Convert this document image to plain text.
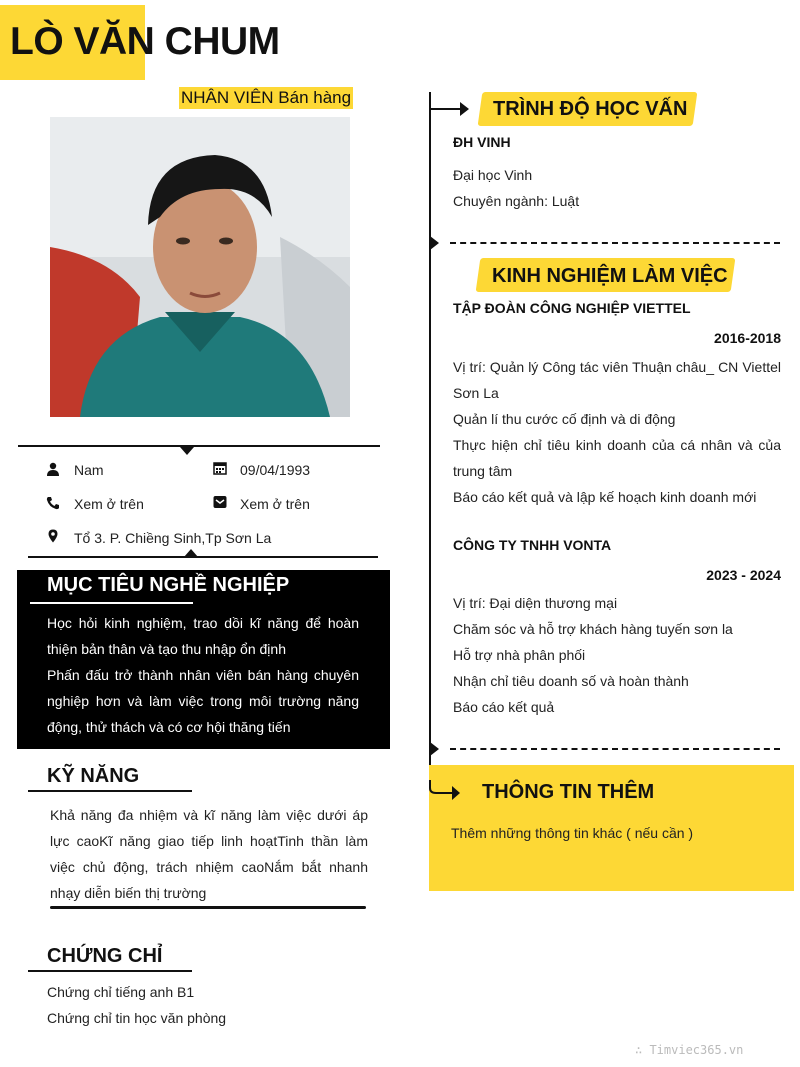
LÒ VĂN CHUM
NHÂN VIÊN Bán hàng
Nam	09/04/1993
Xem ở trên	Xem ở trên
Tổ 3. P. Chiềng Sinh,Tp Sơn La
MỤC TIÊU NGHỀ NGHIỆP
Học hỏi kinh nghiệm, trao dồi kĩ năng để hoàn thiện bản thân và tạo thu nhập ổn định
Phấn đấu trở thành nhân viên bán hàng chuyên nghiệp hơn và làm việc trong môi trường năng động, thử thách và có cơ hội thăng tiến
KỸ NĂNG
Khả năng đa nhiệm và kĩ năng làm việc dưới áp lực caoKĩ năng giao tiếp linh hoạtTinh thần làm việc chủ động, trách nhiệm caoNắm bắt nhanh nhạy diễn biến thị trường
CHỨNG CHỈ
Chứng chỉ tiếng anh B1
Chứng chỉ tin học văn phòng
TRÌNH ĐỘ HỌC VẤN
ĐH VINH
Đại học Vinh
Chuyên ngành: Luật
KINH NGHIỆM LÀM VIỆC
TẬP ĐOÀN CÔNG NGHIỆP VIETTEL
2016-2018
Vị trí: Quản lý Công tác viên Thuận châu_ CN Viettel Sơn La
Quản lí thu cước cố định và di động
Thực hiện chỉ tiêu kinh doanh của cá nhân và của trung tâm
Báo cáo kết quả và lập kế hoạch kinh doanh mới
CÔNG TY TNHH VONTA
2023 - 2024
Vị trí: Đại diện thương mại
Chăm sóc và hỗ trợ khách hàng tuyến sơn la
Hỗ trợ nhà phân phối
Nhận chỉ tiêu doanh số và hoàn thành
Báo cáo kết quả
THÔNG TIN THÊM
Thêm những thông tin khác ( nếu cần )
∴ Timviec365.vn
